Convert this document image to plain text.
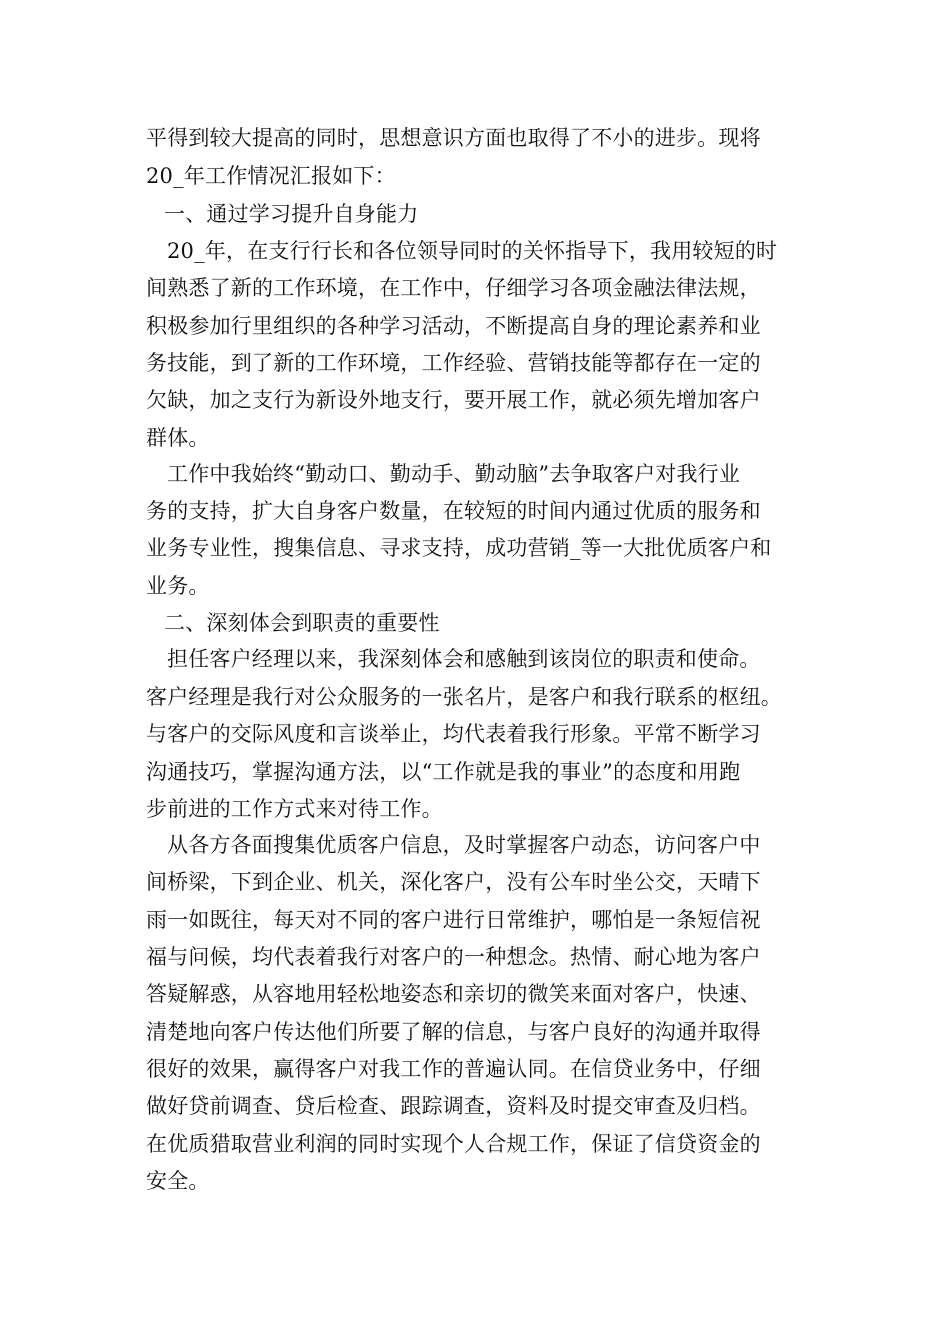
平得到较大提高的同时，思想意识方面也取得了不小的进步。现将
20_年工作情况汇报如下：
一、通过学习提升自身能力
20_年，在支行行长和各位领导同时的关怀指导下，我用较短的时
间熟悉了新的工作环境，在工作中，仔细学习各项金融法律法规，
积极参加行里组织的各种学习活动，不断提高自身的理论素养和业
务技能，到了新的工作环境，工作经验、营销技能等都存在一定的
欠缺，加之支行为新设外地支行，要开展工作，就必须先增加客户
群体。
工作中我始终“勤动口、勤动手、勤动脑”去争取客户对我行业
务的支持，扩大自身客户数量，在较短的时间内通过优质的服务和
业务专业性，搜集信息、寻求支持，成功营销_等一大批优质客户和
业务。
二、深刻体会到职责的重要性
担任客户经理以来，我深刻体会和感触到该岗位的职责和使命。
客户经理是我行对公众服务的一张名片，是客户和我行联系的枢纽。
与客户的交际风度和言谈举止，均代表着我行形象。平常不断学习
沟通技巧，掌握沟通方法，以“工作就是我的事业”的态度和用跑
步前进的工作方式来对待工作。
从各方各面搜集优质客户信息，及时掌握客户动态，访问客户中
间桥梁，下到企业、机关，深化客户，没有公车时坐公交，天晴下
雨一如既往，每天对不同的客户进行日常维护，哪怕是一条短信祝
福与问候，均代表着我行对客户的一种想念。热情、耐心地为客户
答疑解惑，从容地用轻松地姿态和亲切的微笑来面对客户，快速、
清楚地向客户传达他们所要了解的信息，与客户良好的沟通并取得
很好的效果，赢得客户对我工作的普遍认同。在信贷业务中，仔细
做好贷前调查、贷后检查、跟踪调查，资料及时提交审查及归档。
在优质猎取营业利润的同时实现个人合规工作，保证了信贷资金的
安全。
